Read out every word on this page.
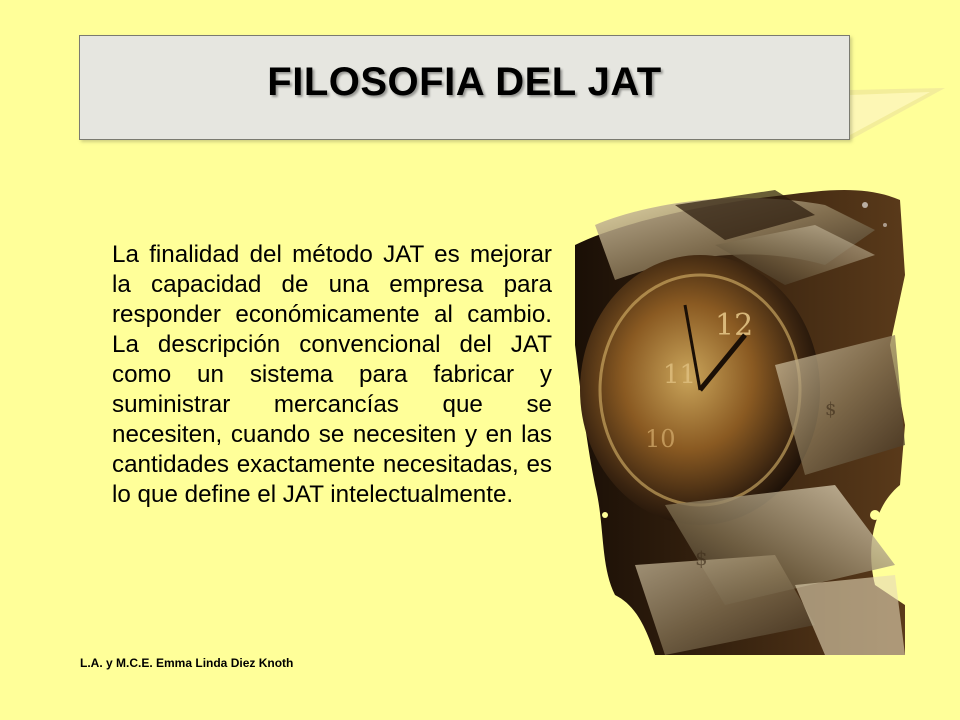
FILOSOFIA DEL JAT
La finalidad del método JAT es mejorar la capacidad de una empresa para responder económicamente al cambio. La descripción convencional del JAT como un sistema para fabricar y suministrar mercancías que se necesiten, cuando se necesiten y en las cantidades exactamente necesitadas, es lo que define el JAT intelectualmente.
12
11
10
$
$
L.A. y M.C.E. Emma Linda Diez Knoth
